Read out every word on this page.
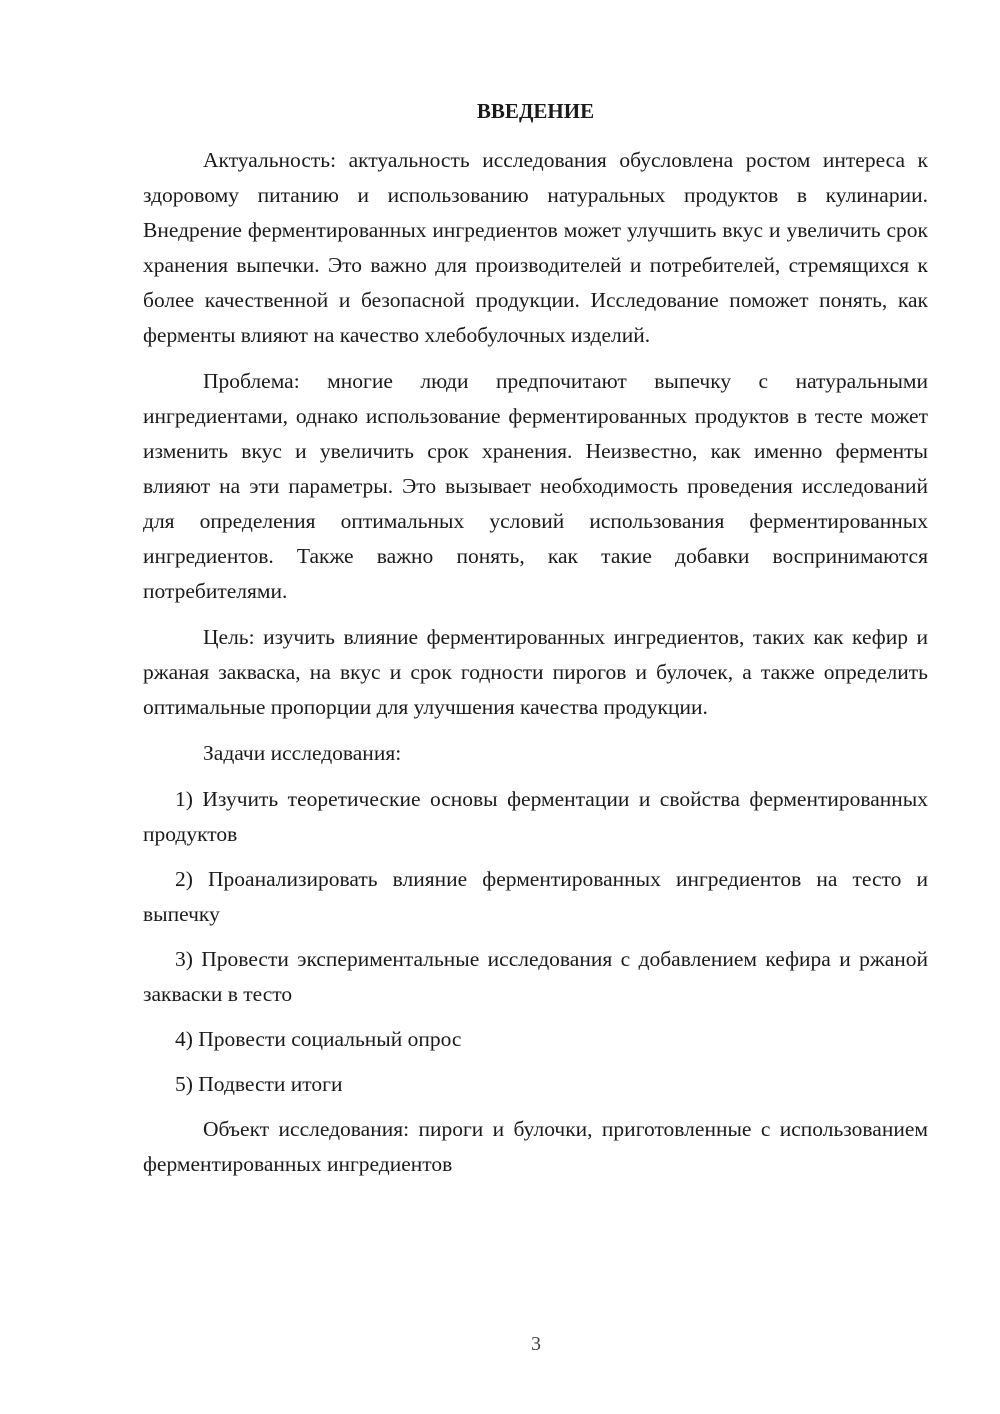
ВВЕДЕНИЕ

Актуальность: актуальность исследования обусловлена ростом интереса к здоровому питанию и использованию натуральных продуктов в кулинарии. Внедрение ферментированных ингредиентов может улучшить вкус и увеличить срок хранения выпечки. Это важно для производителей и потребителей, стремящихся к более качественной и безопасной продукции. Исследование поможет понять, как ферменты влияют на качество хлебобулочных изделий.

Проблема: многие люди предпочитают выпечку с натуральными ингредиентами, однако использование ферментированных продуктов в тесте может изменить вкус и увеличить срок хранения. Неизвестно, как именно ферменты влияют на эти параметры. Это вызывает необходимость проведения исследований для определения оптимальных условий использования ферментированных ингредиентов. Также важно понять, как такие добавки воспринимаются потребителями.

Цель: изучить влияние ферментированных ингредиентов, таких как кефир и ржаная закваска, на вкус и срок годности пирогов и булочек, а также определить оптимальные пропорции для улучшения качества продукции.

Задачи исследования:

1) Изучить теоретические основы ферментации и свойства ферментированных продуктов

2) Проанализировать влияние ферментированных ингредиентов на тесто и выпечку

3) Провести экспериментальные исследования с добавлением кефира и ржаной закваски в тесто

4) Провести социальный опрос

5) Подвести итоги

Объект исследования: пироги и булочки, приготовленные с использованием ферментированных ингредиентов

3
